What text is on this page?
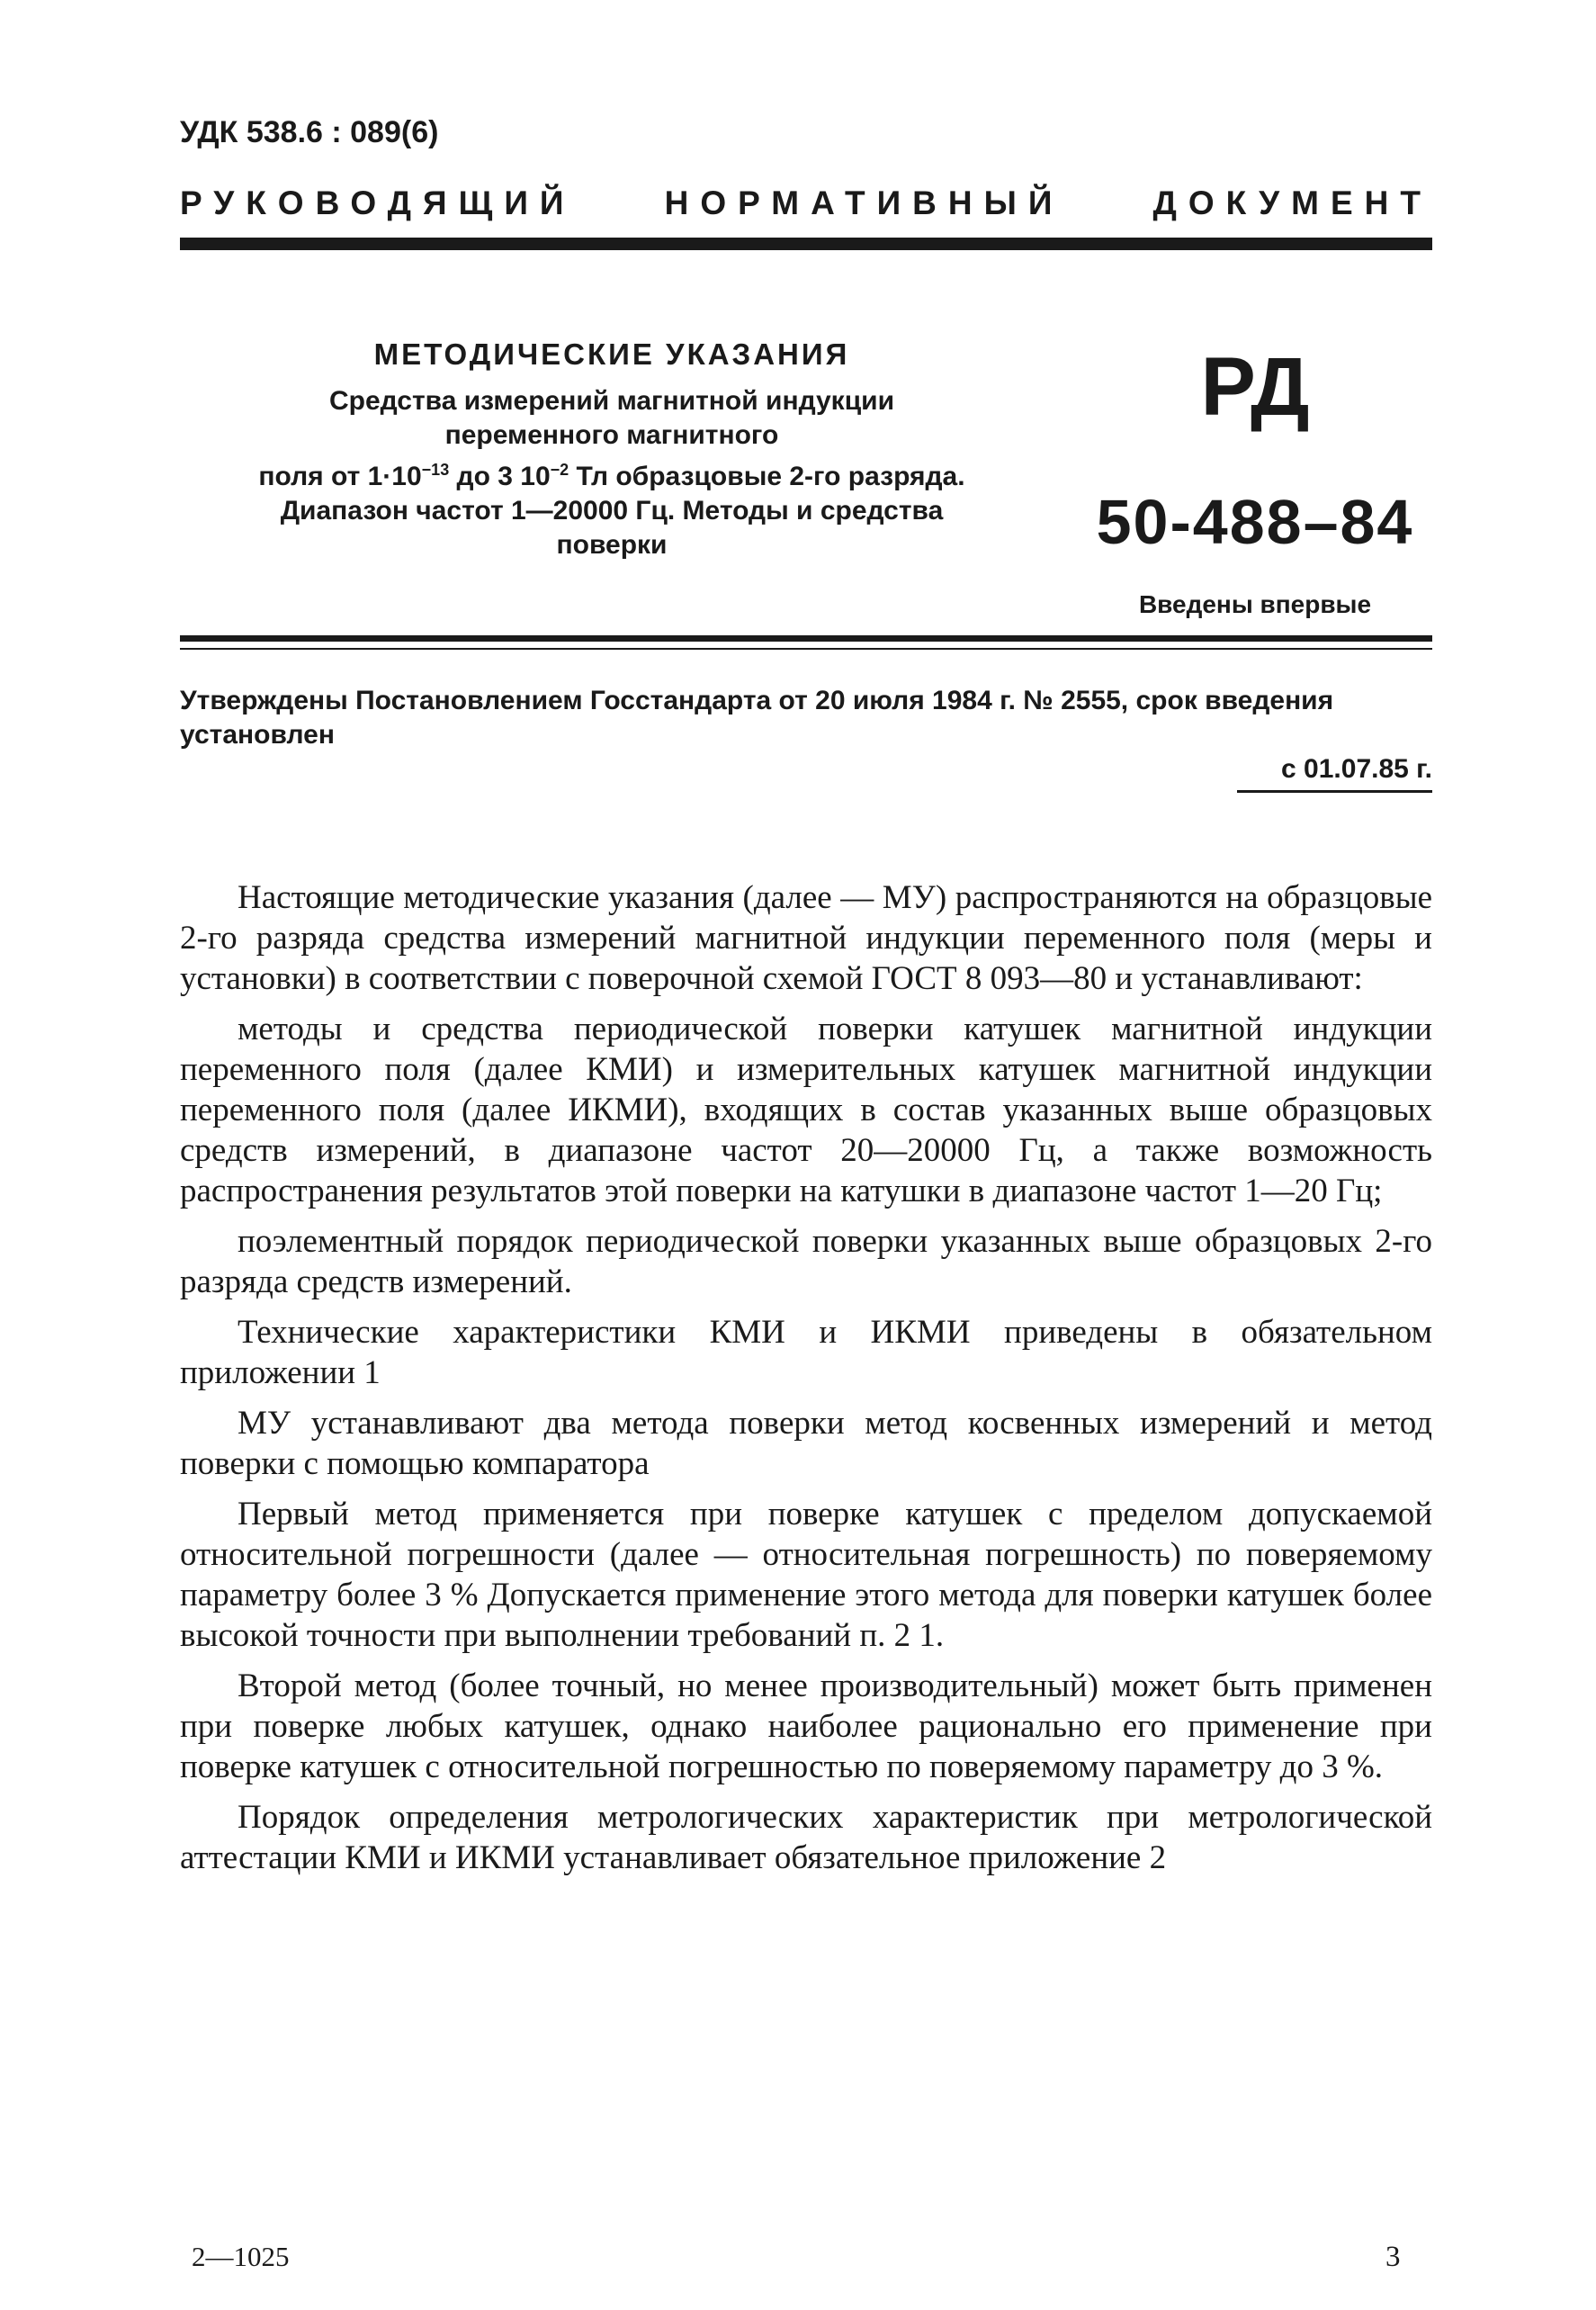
УДК 538.6 : 089(6)
РУКОВОДЯЩИЙ	НОРМАТИВНЫЙ	ДОКУМЕНТ
МЕТОДИЧЕСКИЕ УКАЗАНИЯ
Средства измерений магнитной индукции
переменного магнитного
поля от $1\cdot 10^{-13}$ до 3 $10^{-2}$ Тл образцовые 2-го разряда.
Диапазон частот 1—20000 Гц. Методы и средства
поверки
РД
50-488–84
Введены впервые
Утверждены Постановлением Госстандарта от 20 июля 1984 г. № 2555, срок введения установлен
с 01.07.85 г.

Настоящие методические указания (далее — МУ) распространяются на образцовые 2-го разряда средства измерений магнитной индукции переменного поля (меры и установки) в соответствии с поверочной схемой ГОСТ 8 093—80 и устанавливают:

методы и средства периодической поверки катушек магнитной индукции переменного поля (далее КМИ) и измерительных катушек магнитной индукции переменного поля (далее ИКМИ), входящих в состав указанных выше образцовых средств измерений, в диапазоне частот 20—20000 Гц, а также возможность распространения результатов этой поверки на катушки в диапазоне частот 1—20 Гц;

поэлементный порядок периодической поверки указанных выше образцовых 2-го разряда средств измерений.

Технические характеристики КМИ и ИКМИ приведены в обязательном приложении 1

МУ устанавливают два метода поверки метод косвенных измерений и метод поверки с помощью компаратора

Первый метод применяется при поверке катушек с пределом допускаемой относительной погрешности (далее — относительная погрешность) по поверяемому параметру более 3 % Допускается применение этого метода для поверки катушек более высокой точности при выполнении требований п. 2 1.

Второй метод (более точный, но менее производительный) может быть применен при поверке любых катушек, однако наиболее рационально его применение при поверке катушек с относительной погрешностью по поверяемому параметру до 3 %.

Порядок определения метрологических характеристик при метрологической аттестации КМИ и ИКМИ устанавливает обязательное приложение 2

2—1025	3
